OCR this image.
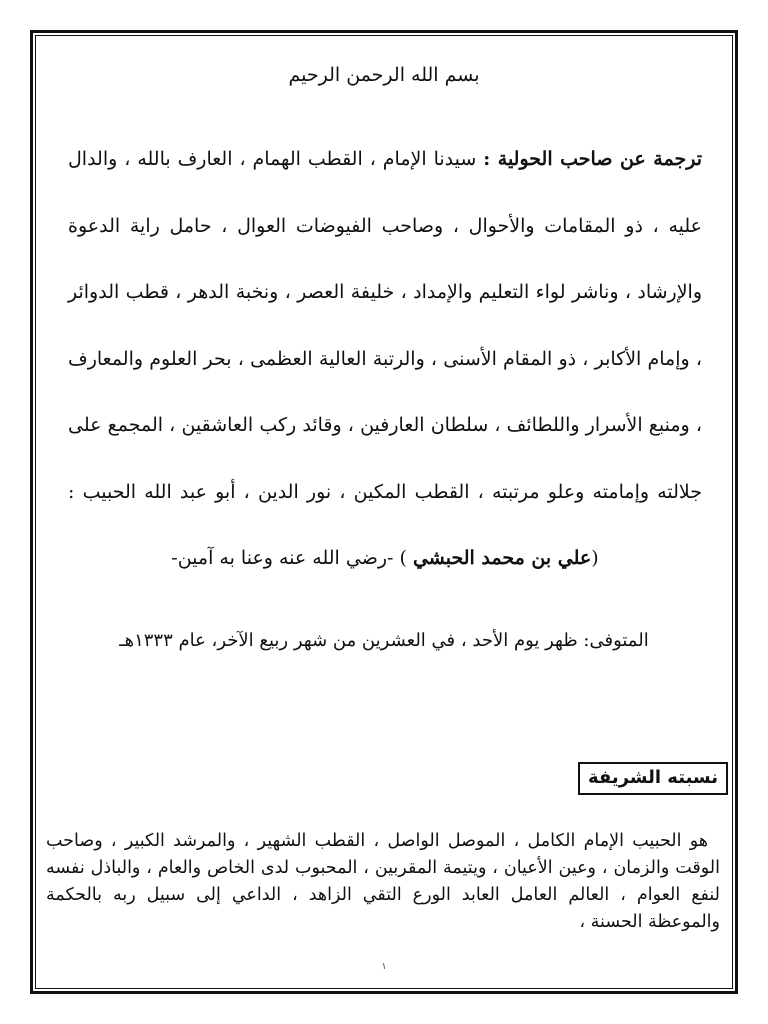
بسم الله الرحمن الرحيم

ترجمة عن صاحب الحولية : سيدنا الإمام ، القطب الهمام ، العارف بالله ، والدال عليه ، ذو المقامات والأحوال ، وصاحب الفيوضات العوال ، حامل راية الدعوة والإرشاد ، وناشر لواء التعليم والإمداد ، خليفة العصر ، ونخبة الدهر ، قطب الدوائر ، وإمام الأكابر ، ذو المقام الأسنى ، والرتبة العالية العظمى ، بحر العلوم والمعارف ، ومنبع الأسرار واللطائف ، سلطان العارفين ، وقائد ركب العاشقين ، المجمع على جلالته وإمامته وعلو مرتبته ، القطب المكين ، نور الدين ، أبو عبد الله الحبيب : (علي بن محمد الحبشي ) -رضي الله عنه وعنا به آمين-

المتوفى: ظهر يوم الأحد ، في العشرين من شهر ربيع الآخر، عام ١٣٣٣هـ
نسبته الشريفة

هو الحبيب الإمام الكامل ، الموصل الواصل ، القطب الشهير ، والمرشد الكبير ، وصاحب الوقت والزمان ، وعين الأعيان ، ويتيمة المقربين ، المحبوب لدى الخاص والعام ، والباذل نفسه لنفع العوام ، العالم العامل العابد الورع التقي الزاهد ، الداعي إلى سبيل ربه بالحكمة والموعظة الحسنة ،

١
